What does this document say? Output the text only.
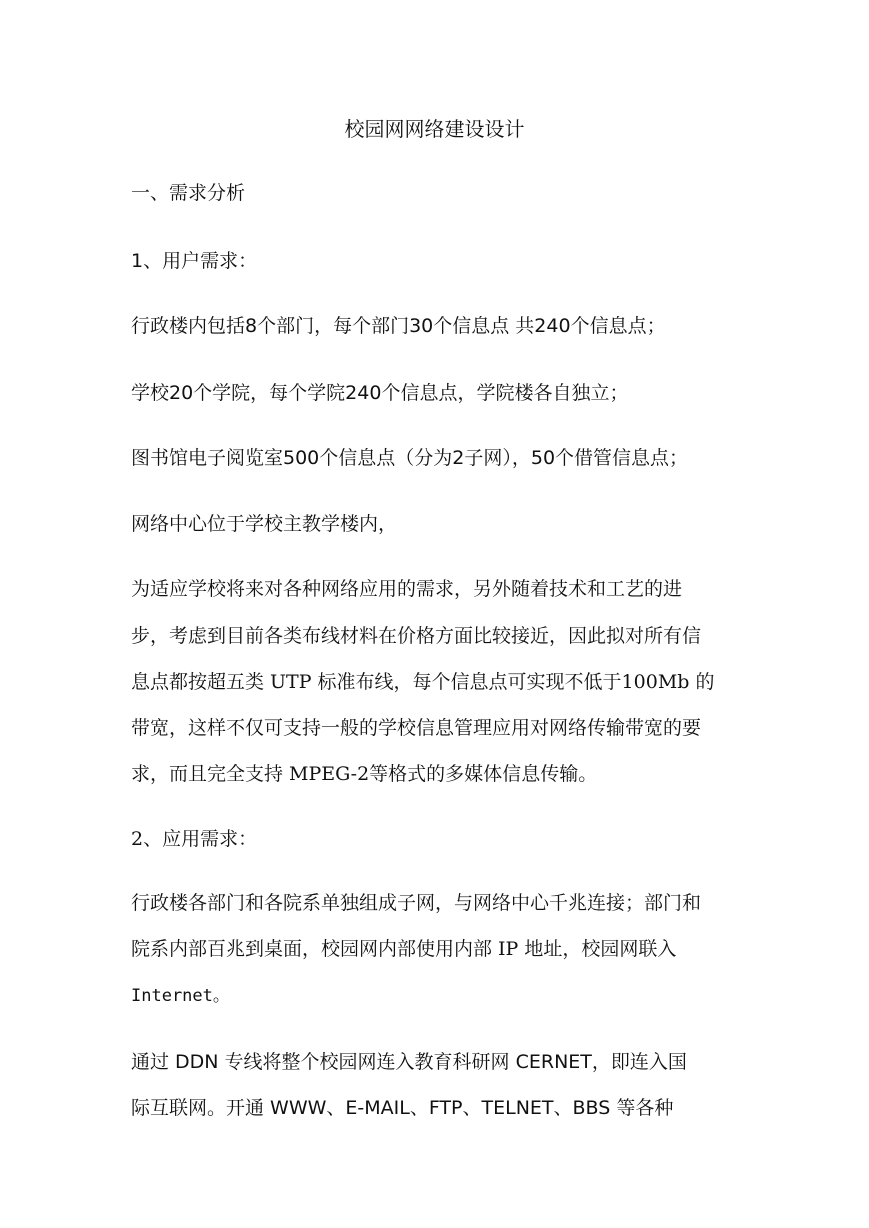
校园网网络建设设计

一、需求分析

1、用户需求：

行政楼内包括8个部门，每个部门30个信息点 共240个信息点；

学校20个学院，每个学院240个信息点，学院楼各自独立；

图书馆电子阅览室500个信息点（分为2子网），50个借管信息点；

网络中心位于学校主教学楼内，

为适应学校将来对各种网络应用的需求，另外随着技术和工艺的进

步，考虑到目前各类布线材料在价格方面比较接近，因此拟对所有信

息点都按超五类 UTP 标准布线，每个信息点可实现不低于100Mb 的

带宽，这样不仅可支持一般的学校信息管理应用对网络传输带宽的要

求，而且完全支持 MPEG-2等格式的多媒体信息传输。

2、应用需求：

行政楼各部门和各院系单独组成子网，与网络中心千兆连接；部门和

院系内部百兆到桌面，校园网内部使用内部 IP 地址，校园网联入

Internet。

通过 DDN 专线将整个校园网连入教育科研网 CERNET，即连入国

际互联网。开通 WWW、E-MAIL、FTP、TELNET、BBS 等各种
